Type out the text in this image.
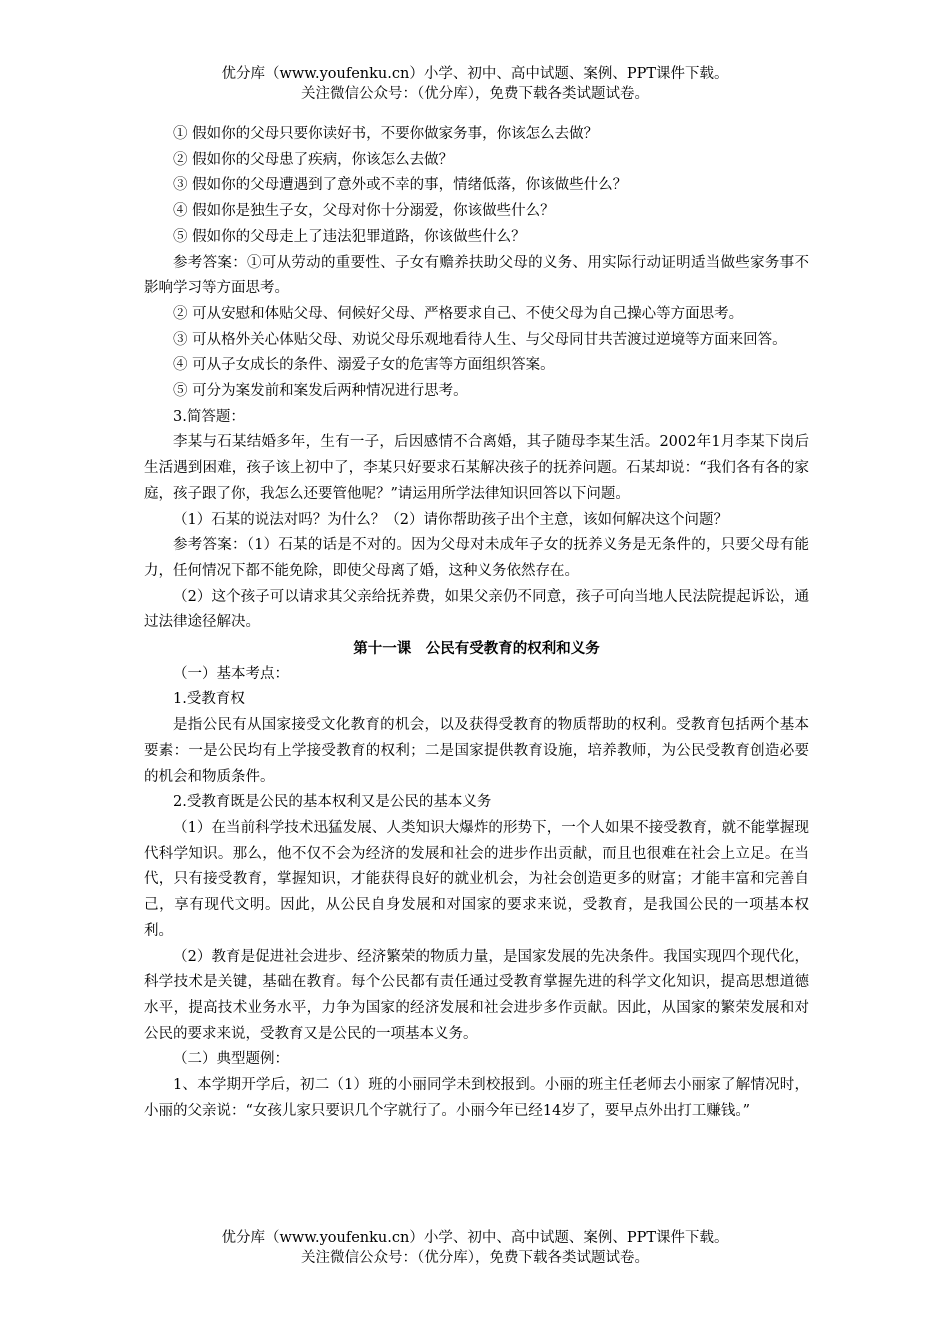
优分库（www.youfenku.cn）小学、初中、高中试题、案例、PPT课件下载。
关注微信公众号：（优分库），免费下载各类试题试卷。

① 假如你的父母只要你读好书，不要你做家务事，你该怎么去做？

② 假如你的父母患了疾病，你该怎么去做？

③ 假如你的父母遭遇到了意外或不幸的事，情绪低落，你该做些什么？

④ 假如你是独生子女，父母对你十分溺爱，你该做些什么？

⑤ 假如你的父母走上了违法犯罪道路，你该做些什么？

参考答案：①可从劳动的重要性、子女有赡养扶助父母的义务、用实际行动证明适当做些家务事不影响学习等方面思考。

② 可从安慰和体贴父母、伺候好父母、严格要求自己、不使父母为自己操心等方面思考。

③ 可从格外关心体贴父母、劝说父母乐观地看待人生、与父母同甘共苦渡过逆境等方面来回答。

④ 可从子女成长的条件、溺爱子女的危害等方面组织答案。

⑤ 可分为案发前和案发后两种情况进行思考。

3.简答题：

李某与石某结婚多年，生有一子，后因感情不合离婚，其子随母李某生活。2002年1月李某下岗后生活遇到困难，孩子该上初中了，李某只好要求石某解决孩子的抚养问题。石某却说：“我们各有各的家庭，孩子跟了你，我怎么还要管他呢？”请运用所学法律知识回答以下问题。

（1）石某的说法对吗？为什么？（2）请你帮助孩子出个主意，该如何解决这个问题？

参考答案：（1）石某的话是不对的。因为父母对未成年子女的抚养义务是无条件的，只要父母有能力，任何情况下都不能免除，即使父母离了婚，这种义务依然存在。

（2）这个孩子可以请求其父亲给抚养费，如果父亲仍不同意，孩子可向当地人民法院提起诉讼，通过法律途径解决。

第十一课　公民有受教育的权利和义务

（一）基本考点：

1.受教育权

是指公民有从国家接受文化教育的机会，以及获得受教育的物质帮助的权利。受教育包括两个基本要素：一是公民均有上学接受教育的权利；二是国家提供教育设施，培养教师，为公民受教育创造必要的机会和物质条件。

2.受教育既是公民的基本权利又是公民的基本义务

（1）在当前科学技术迅猛发展、人类知识大爆炸的形势下，一个人如果不接受教育，就不能掌握现代科学知识。那么，他不仅不会为经济的发展和社会的进步作出贡献，而且也很难在社会上立足。在当代，只有接受教育，掌握知识，才能获得良好的就业机会，为社会创造更多的财富；才能丰富和完善自己，享有现代文明。因此，从公民自身发展和对国家的要求来说，受教育，是我国公民的一项基本权利。

（2）教育是促进社会进步、经济繁荣的物质力量，是国家发展的先决条件。我国实现四个现代化，科学技术是关键，基础在教育。每个公民都有责任通过受教育掌握先进的科学文化知识，提高思想道德水平，提高技术业务水平，力争为国家的经济发展和社会进步多作贡献。因此，从国家的繁荣发展和对公民的要求来说，受教育又是公民的一项基本义务。

（二）典型题例：

1、本学期开学后，初二（1）班的小丽同学未到校报到。小丽的班主任老师去小丽家了解情况时，小丽的父亲说：“女孩儿家只要识几个字就行了。小丽今年已经14岁了，要早点外出打工赚钱。”

优分库（www.youfenku.cn）小学、初中、高中试题、案例、PPT课件下载。
关注微信公众号：（优分库），免费下载各类试题试卷。
